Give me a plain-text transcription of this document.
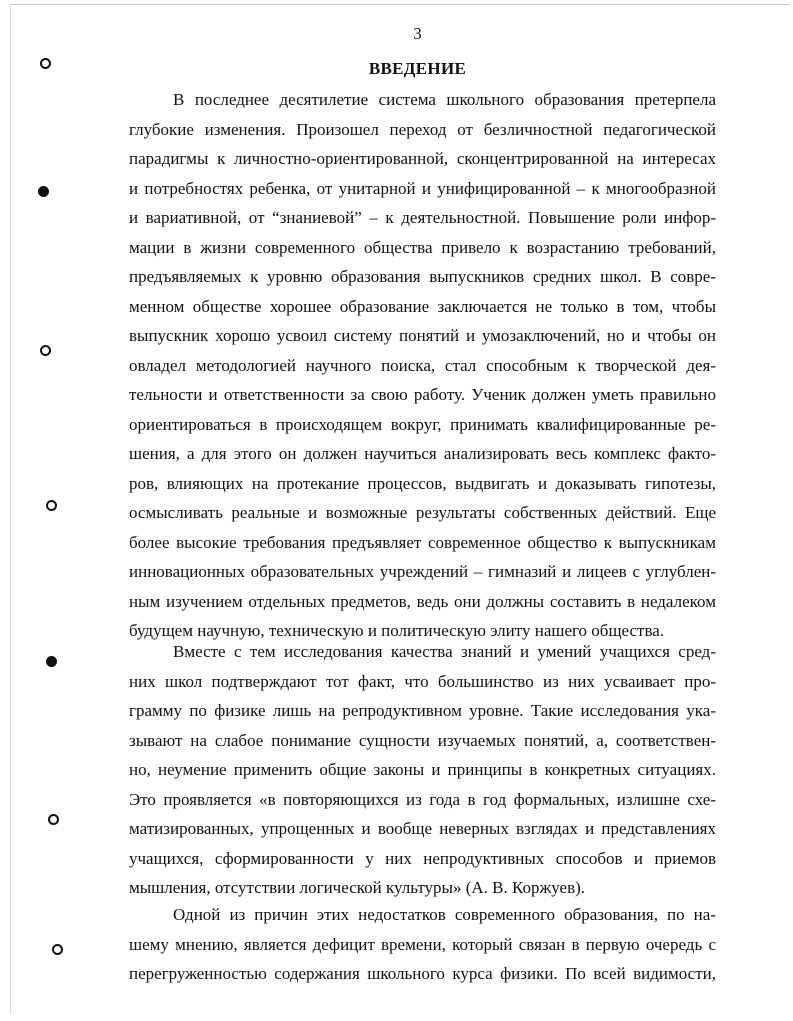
3
ВВЕДЕНИЕ
В последнее десятилетие система школьного образования претерпела
глубокие изменения. Произошел переход от безличностной педагогической
парадигмы к личностно-ориентированной, сконцентрированной на интересах
и потребностях ребенка, от унитарной и унифицированной – к многообразной
и вариативной, от “знаниевой” – к деятельностной. Повышение роли инфор-
мации в жизни современного общества привело к возрастанию требований,
предъявляемых к уровню образования выпускников средних школ. В совре-
менном обществе хорошее образование заключается не только в том, чтобы
выпускник хорошо усвоил систему понятий и умозаключений, но и чтобы он
овладел методологией научного поиска, стал способным к творческой дея-
тельности и ответственности за свою работу. Ученик должен уметь правильно
ориентироваться в происходящем вокруг, принимать квалифицированные ре-
шения, а для этого он должен научиться анализировать весь комплекс факто-
ров, влияющих на протекание процессов, выдвигать и доказывать гипотезы,
осмысливать реальные и возможные результаты собственных действий. Еще
более высокие требования предъявляет современное общество к выпускникам
инновационных образовательных учреждений – гимназий и лицеев с углублен-
ным изучением отдельных предметов, ведь они должны составить в недалеком
будущем научную, техническую и политическую элиту нашего общества.
Вместе с тем исследования качества знаний и умений учащихся сред-
них школ подтверждают тот факт, что большинство из них усваивает про-
грамму по физике лишь на репродуктивном уровне. Такие исследования ука-
зывают на слабое понимание сущности изучаемых понятий, а, соответствен-
но, неумение применить общие законы и принципы в конкретных ситуациях.
Это проявляется «в повторяющихся из года в год формальных, излишне схе-
матизированных, упрощенных и вообще неверных взглядах и представлениях
учащихся, сформированности у них непродуктивных способов и приемов
мышления, отсутствии логической культуры» (А. В. Коржуев).
Одной из причин этих недостатков современного образования, по на-
шему мнению, является дефицит времени, который связан в первую очередь с
перегруженностью содержания школьного курса физики. По всей видимости,
